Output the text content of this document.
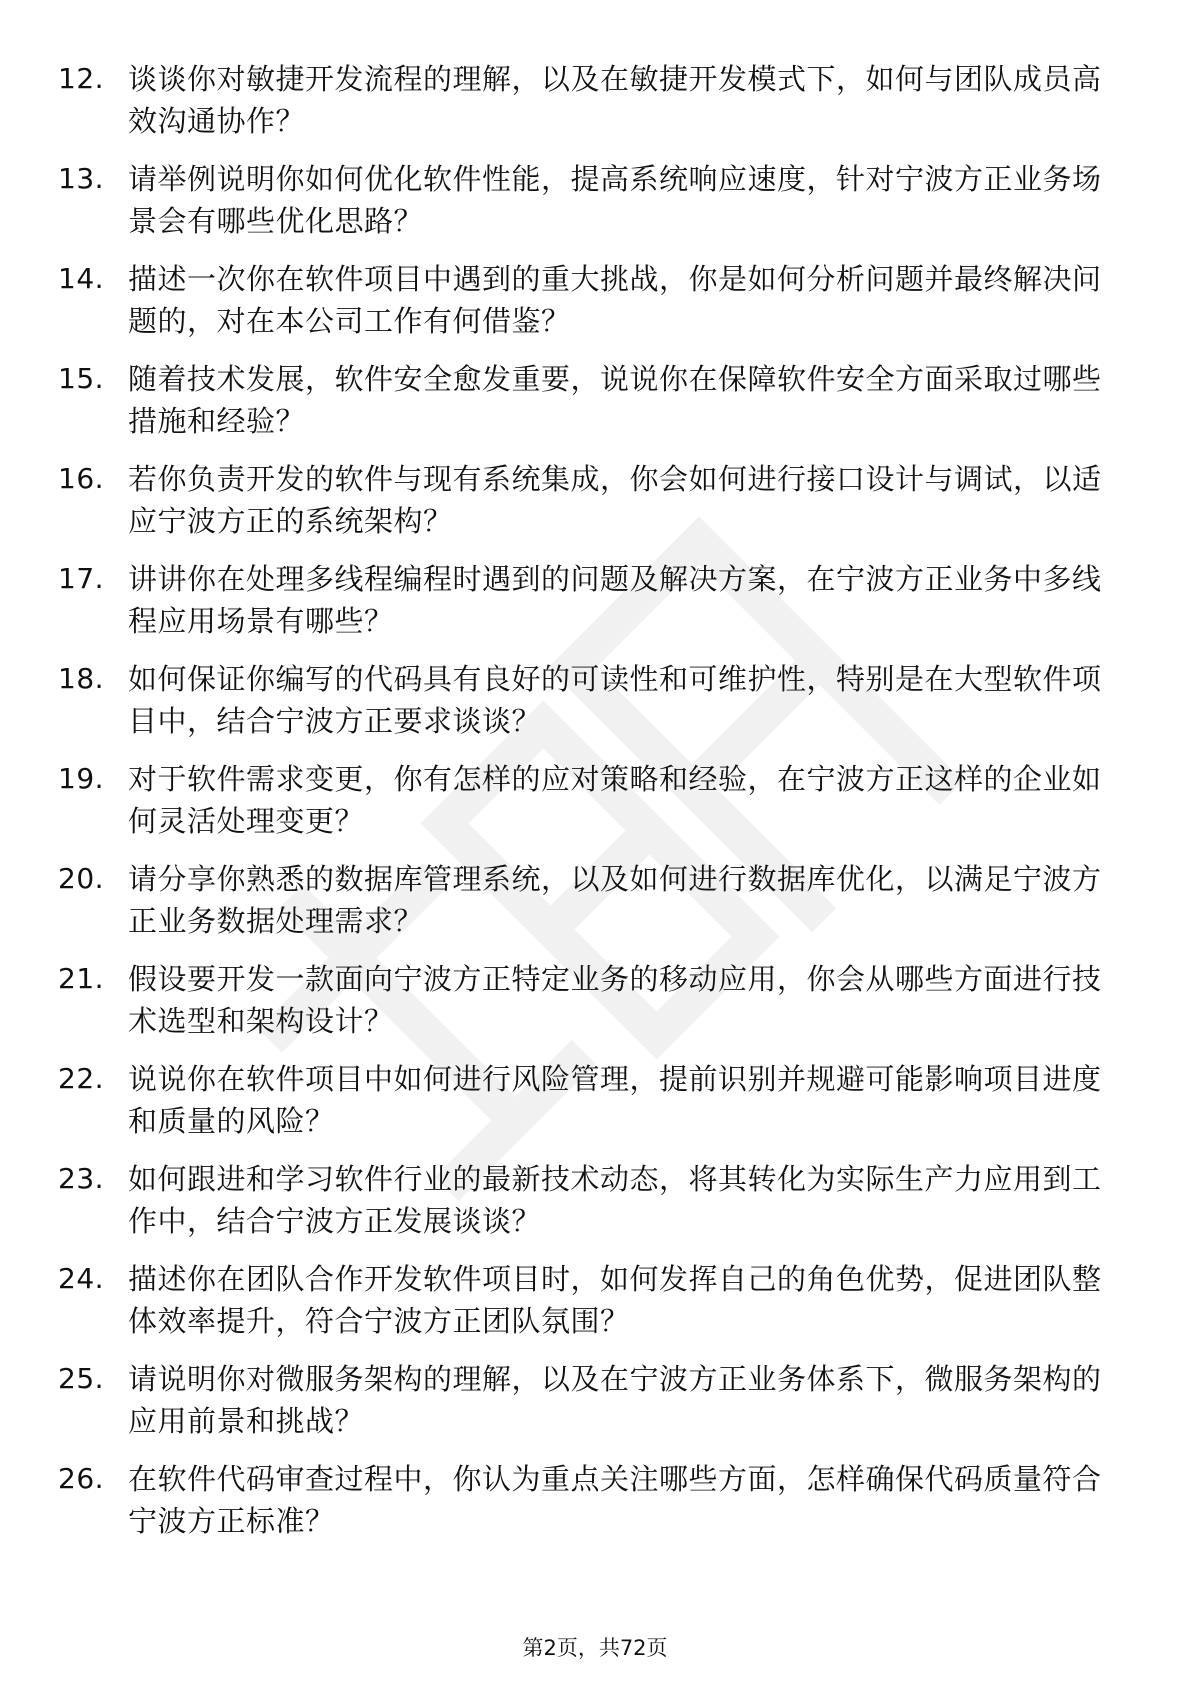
12. 谈谈你对敏捷开发流程的理解，以及在敏捷开发模式下，如何与团队成员高效沟通协作？
13. 请举例说明你如何优化软件性能，提高系统响应速度，针对宁波方正业务场景会有哪些优化思路？
14. 描述一次你在软件项目中遇到的重大挑战，你是如何分析问题并最终解决问题的，对在本公司工作有何借鉴？
15. 随着技术发展，软件安全愈发重要，说说你在保障软件安全方面采取过哪些措施和经验？
16. 若你负责开发的软件与现有系统集成，你会如何进行接口设计与调试，以适应宁波方正的系统架构？
17. 讲讲你在处理多线程编程时遇到的问题及解决方案，在宁波方正业务中多线程应用场景有哪些？
18. 如何保证你编写的代码具有良好的可读性和可维护性，特别是在大型软件项目中，结合宁波方正要求谈谈？
19. 对于软件需求变更，你有怎样的应对策略和经验，在宁波方正这样的企业如何灵活处理变更？
20. 请分享你熟悉的数据库管理系统，以及如何进行数据库优化，以满足宁波方正业务数据处理需求？
21. 假设要开发一款面向宁波方正特定业务的移动应用，你会从哪些方面进行技术选型和架构设计？
22. 说说你在软件项目中如何进行风险管理，提前识别并规避可能影响项目进度和质量的风险？
23. 如何跟进和学习软件行业的最新技术动态，将其转化为实际生产力应用到工作中，结合宁波方正发展谈谈？
24. 描述你在团队合作开发软件项目时，如何发挥自己的角色优势，促进团队整体效率提升，符合宁波方正团队氛围？
25. 请说明你对微服务架构的理解，以及在宁波方正业务体系下，微服务架构的应用前景和挑战？
26. 在软件代码审查过程中，你认为重点关注哪些方面，怎样确保代码质量符合宁波方正标准？
第2页，共72页
